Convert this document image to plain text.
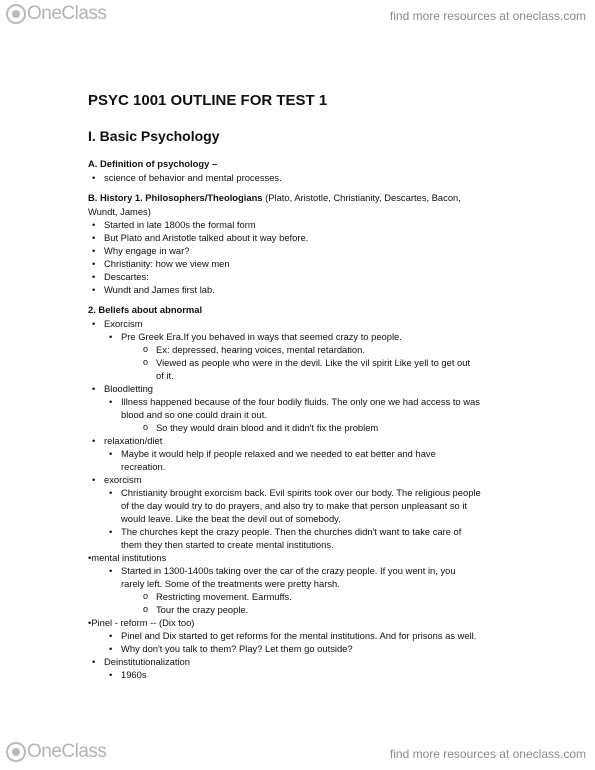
OneClass	find more resources at oneclass.com
PSYC 1001 OUTLINE FOR TEST 1
I. Basic Psychology
A. Definition of psychology –
• science of behavior and mental processes.
B. History 1. Philosophers/Theologians (Plato, Aristotle, Christianity, Descartes, Bacon,
Wundt, James)
• Started in late 1800s the formal form
• But Plato and Aristotle talked about it way before.
• Why engage in war?
• Christianity: how we view men
• Descartes:
• Wundt and James first lab.
2. Beliefs about abnormal
• Exorcism
• Pre Greek Era.If you behaved in ways that seemed crazy to people.
o Ex: depressed, hearing voices, mental retardation.
o Viewed as people who were in the devil. Like the vil spirit Like yell to get out
of it.
• Bloodletting
• Illness happened because of the four bodily fluids. The only one we had access to was
blood and so one could drain it out.
o So they would drain blood and it didn't fix the problem
• relaxation/diet
• Maybe it would help if people relaxed and we needed to eat better and have
recreation.
• exorcism
• Christianity brought exorcism back. Evil spirits took over our body. The religious people
of the day would try to do prayers, and also try to make that person unpleasant so it
would leave. Like the beat the devil out of somebody.
• The churches kept the crazy people. Then the churches didn't want to take care of
them they then started to create mental institutions.
•mental institutions
• Started in 1300-1400s taking over the car of the crazy people. If you went in, you
rarely left. Some of the treatments were pretty harsh.
o Restricting movement. Earmuffs.
o Tour the crazy people.
•Pinel - reform -- (Dix too)
• Pinel and Dix started to get reforms for the mental institutions. And for prisons as well.
• Why don't you talk to them? Play? Let them go outside?
• Deinstitutionalization
• 1960s
OneClass	find more resources at oneclass.com
